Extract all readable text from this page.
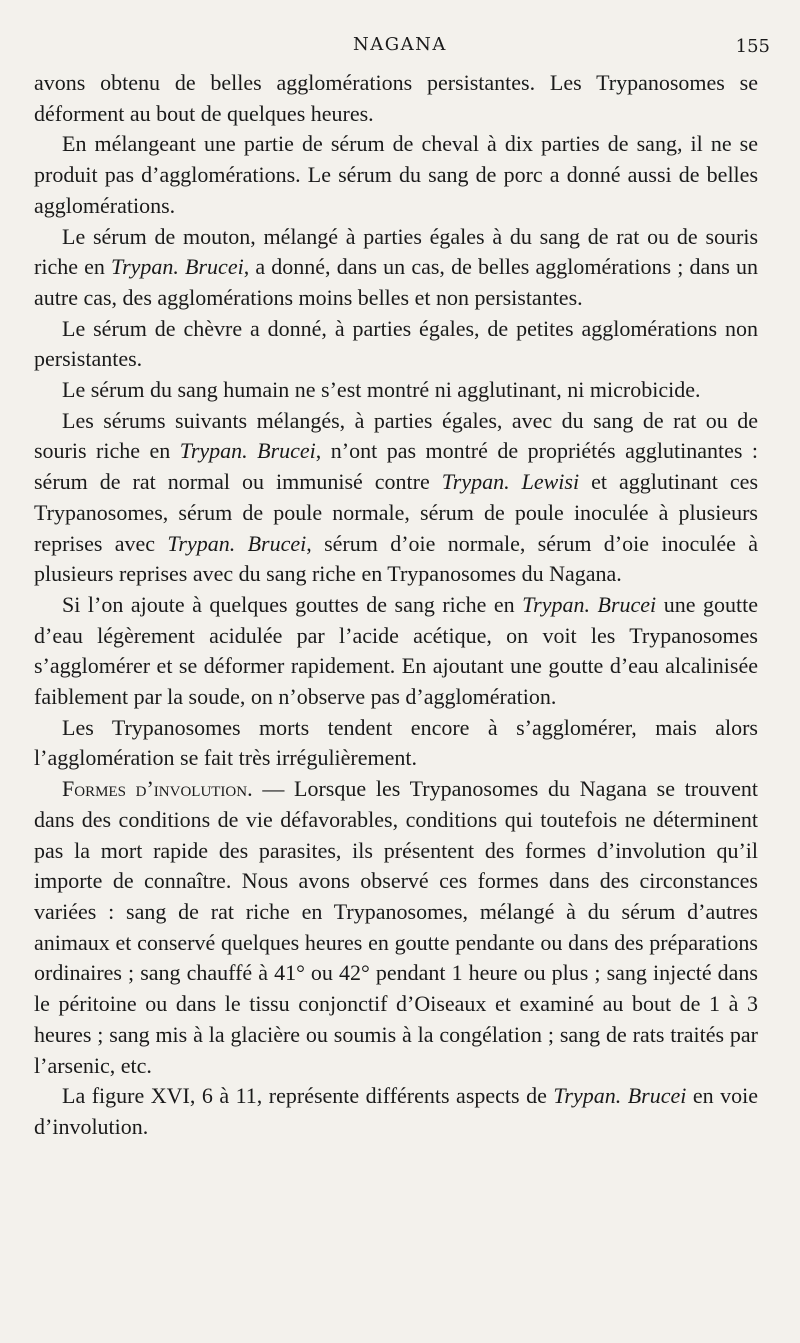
NAGANA	155

avons obtenu de belles agglomérations persistantes. Les Trypanosomes se déforment au bout de quelques heures.

En mélangeant une partie de sérum de cheval à dix parties de sang, il ne se produit pas d’agglomérations. Le sérum du sang de porc a donné aussi de belles agglomérations.

Le sérum de mouton, mélangé à parties égales à du sang de rat ou de souris riche en Trypan. Brucei, a donné, dans un cas, de belles agglomérations ; dans un autre cas, des agglomérations moins belles et non persistantes.

Le sérum de chèvre a donné, à parties égales, de petites agglomérations non persistantes.

Le sérum du sang humain ne s’est montré ni agglutinant, ni microbicide.

Les sérums suivants mélangés, à parties égales, avec du sang de rat ou de souris riche en Trypan. Brucei, n’ont pas montré de propriétés agglutinantes : sérum de rat normal ou immunisé contre Trypan. Lewisi et agglutinant ces Trypanosomes, sérum de poule normale, sérum de poule inoculée à plusieurs reprises avec Trypan. Brucei, sérum d’oie normale, sérum d’oie inoculée à plusieurs reprises avec du sang riche en Trypanosomes du Nagana.

Si l’on ajoute à quelques gouttes de sang riche en Trypan. Brucei une goutte d’eau légèrement acidulée par l’acide acétique, on voit les Trypanosomes s’agglomérer et se déformer rapidement. En ajoutant une goutte d’eau alcalinisée faiblement par la soude, on n’observe pas d’agglomération.

Les Trypanosomes morts tendent encore à s’agglomérer, mais alors l’agglomération se fait très irrégulièrement.

Formes d’involution. — Lorsque les Trypanosomes du Nagana se trouvent dans des conditions de vie défavorables, conditions qui toutefois ne déterminent pas la mort rapide des parasites, ils présentent des formes d’involution qu’il importe de connaître. Nous avons observé ces formes dans des circonstances variées : sang de rat riche en Trypanosomes, mélangé à du sérum d’autres animaux et conservé quelques heures en goutte pendante ou dans des préparations ordinaires ; sang chauffé à 41° ou 42° pendant 1 heure ou plus ; sang injecté dans le péritoine ou dans le tissu conjonctif d’Oiseaux et examiné au bout de 1 à 3 heures ; sang mis à la glacière ou soumis à la congélation ; sang de rats traités par l’arsenic, etc.

La figure XVI, 6 à 11, représente différents aspects de Trypan. Brucei en voie d’involution.
